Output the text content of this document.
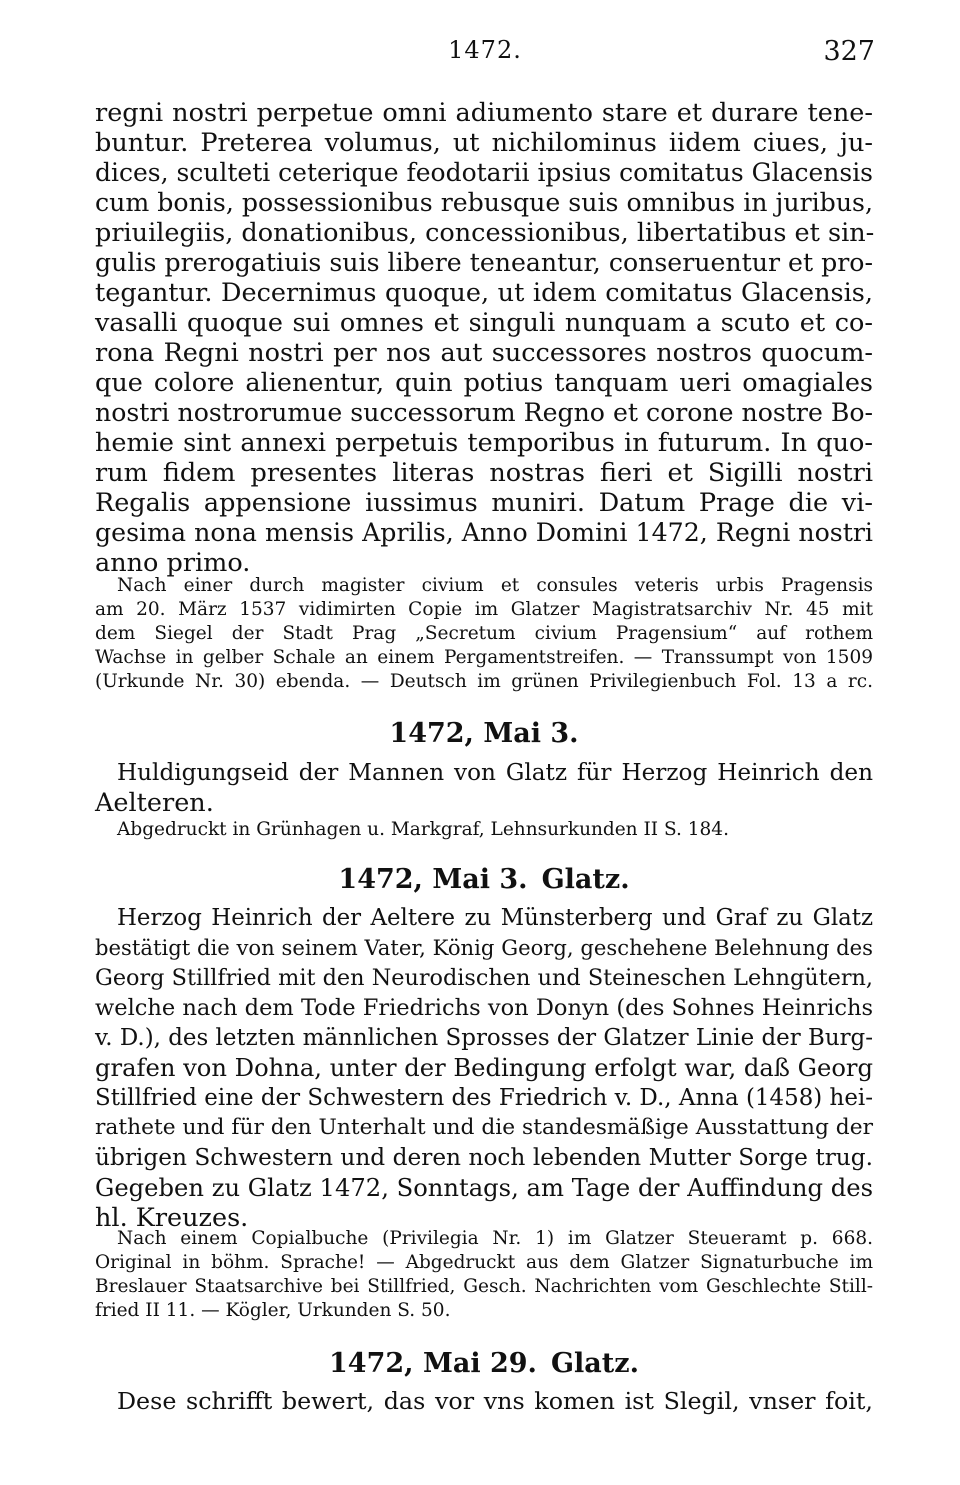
1472.	327
regni nostri perpetue omni adiumento stare et durare tene-
buntur. Preterea volumus, ut nichilominus iidem ciues, ju-
dices, sculteti ceterique feodotarii ipsius comitatus Glacensis
cum bonis, possessionibus rebusque suis omnibus in juribus,
priuilegiis, donationibus, concessionibus, libertatibus et sin-
gulis prerogatiuis suis libere teneantur, conseruentur et pro-
tegantur. Decernimus quoque, ut idem comitatus Glacensis,
vasalli quoque sui omnes et singuli nunquam a scuto et co-
rona Regni nostri per nos aut successores nostros quocum-
que colore alienentur, quin potius tanquam ueri omagiales
nostri nostrorumue successorum Regno et corone nostre Bo-
hemie sint annexi perpetuis temporibus in futurum. In quo-
rum fidem presentes literas nostras fieri et Sigilli nostri
Regalis appensione iussimus muniri. Datum Prage die vi-
gesima nona mensis Aprilis, Anno Domini 1472, Regni nostri
anno primo.
Nach einer durch magister civium et consules veteris urbis Pragensis
am 20. März 1537 vidimirten Copie im Glatzer Magistratsarchiv Nr. 45 mit
dem Siegel der Stadt Prag „Secretum civium Pragensium“ auf rothem
Wachse in gelber Schale an einem Pergamentstreifen. — Transsumpt von 1509
(Urkunde Nr. 30) ebenda. — Deutsch im grünen Privilegienbuch Fol. 13 a rc.
1472, Mai 3.
Huldigungseid der Mannen von Glatz für Herzog Heinrich den
Aelteren.
Abgedruckt in Grünhagen u. Markgraf, Lehnsurkunden II S. 184.
1472, Mai 3. Glatz.
Herzog Heinrich der Aeltere zu Münsterberg und Graf zu Glatz
bestätigt die von seinem Vater, König Georg, geschehene Belehnung des
Georg Stillfried mit den Neurodischen und Steineschen Lehngütern,
welche nach dem Tode Friedrichs von Donyn (des Sohnes Heinrichs
v. D.), des letzten männlichen Sprosses der Glatzer Linie der Burg-
grafen von Dohna, unter der Bedingung erfolgt war, daß Georg
Stillfried eine der Schwestern des Friedrich v. D., Anna (1458) hei-
rathete und für den Unterhalt und die standesmäßige Ausstattung der
übrigen Schwestern und deren noch lebenden Mutter Sorge trug.
Gegeben zu Glatz 1472, Sonntags, am Tage der Auffindung des
hl. Kreuzes.
Nach einem Copialbuche (Privilegia Nr. 1) im Glatzer Steueramt p. 668.
Original in böhm. Sprache! — Abgedruckt aus dem Glatzer Signaturbuche im
Breslauer Staatsarchive bei Stillfried, Gesch. Nachrichten vom Geschlechte Still-
fried II 11. — Kögler, Urkunden S. 50.
1472, Mai 29. Glatz.
Dese schrifft bewert, das vor vns komen ist Slegil, vnser foit,
